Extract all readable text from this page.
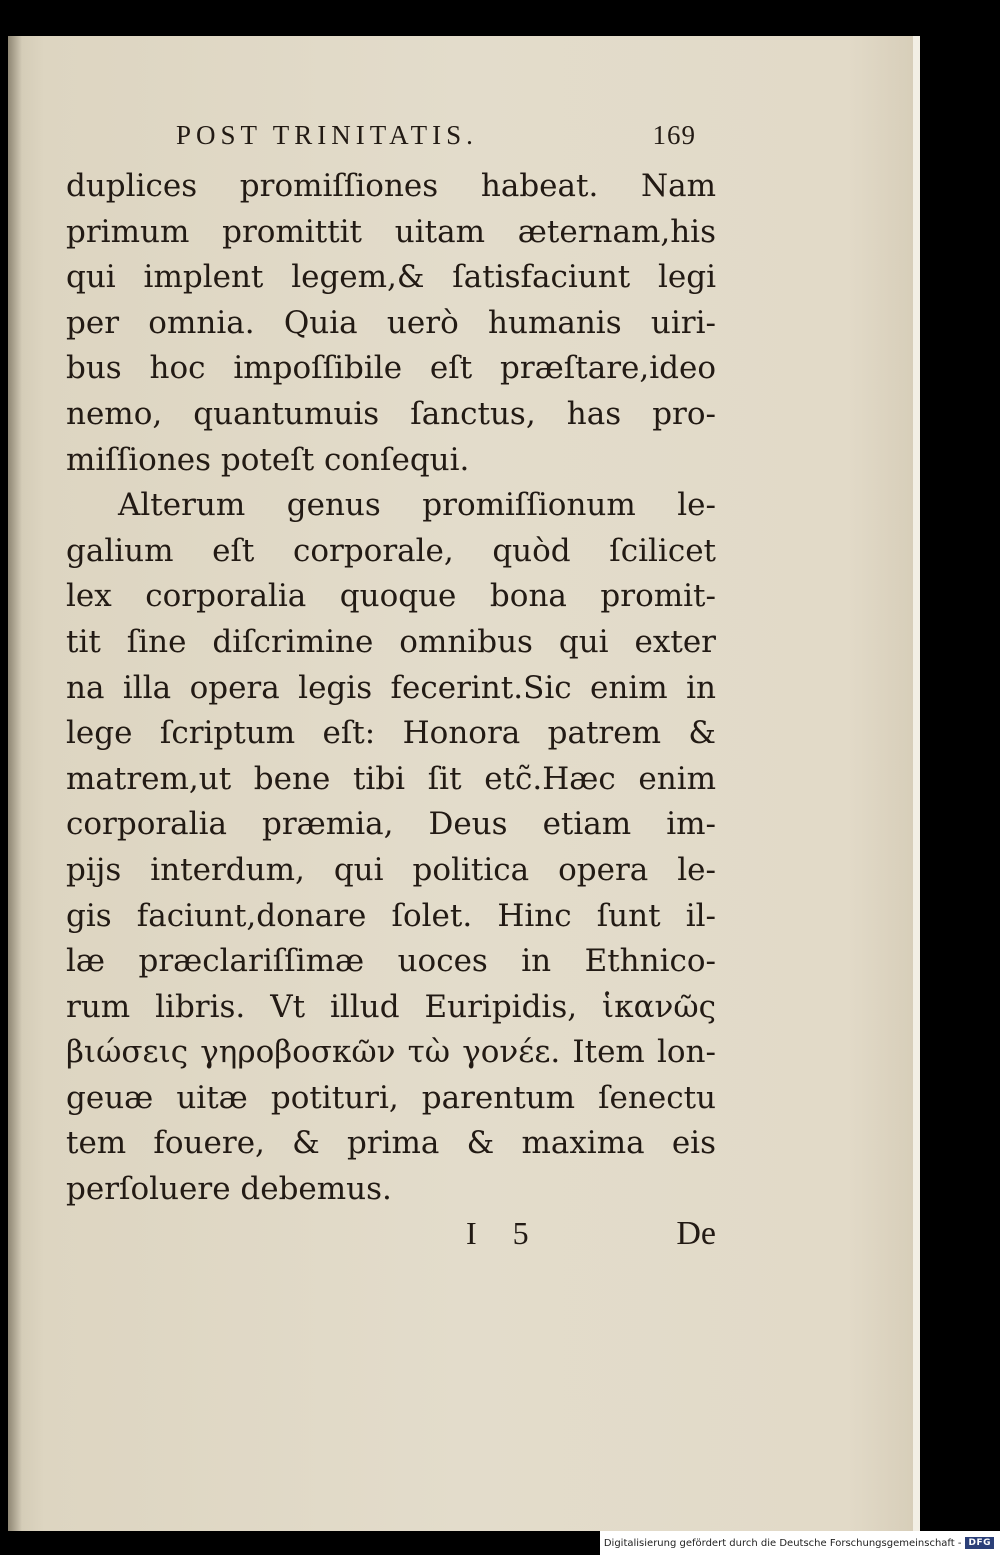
POST TRINITATIS.	169
duplices promiſſiones habeat. Nam
primum promittit uitam æternam,his
qui implent legem,& ſatisfaciunt legi
per omnia. Quia uerò humanis uiri-
bus hoc impoſſibile eſt præſtare,ideo
nemo, quantumuis ſanctus, has pro-
miſſiones poteſt conſequi.
Alterum genus promiſſionum le-
galium eſt corporale, quòd ſcilicet
lex corporalia quoque bona promit-
tit ſine diſcrimine omnibus qui exter
na illa opera legis fecerint.Sic enim in
lege ſcriptum eſt: Honora patrem &
matrem,ut bene tibi ſit etc̃.Hæc enim
corporalia præmia, Deus etiam im-
pijs interdum, qui politica opera le-
gis faciunt,donare ſolet. Hinc ſunt il-
læ præclariſſimæ uoces in Ethnico-
rum libris. Vt illud Euripidis, ἱκανῶς
βιώσεις γηροβοσκῶν τὼ γονέε. Item lon-
geuæ uitæ potituri, parentum ſenectu
tem fouere, & prima & maxima eis
perſoluere debemus.
I 5	De
Digitalisierung gefördert durch die Deutsche Forschungsgemeinschaft - DFG
